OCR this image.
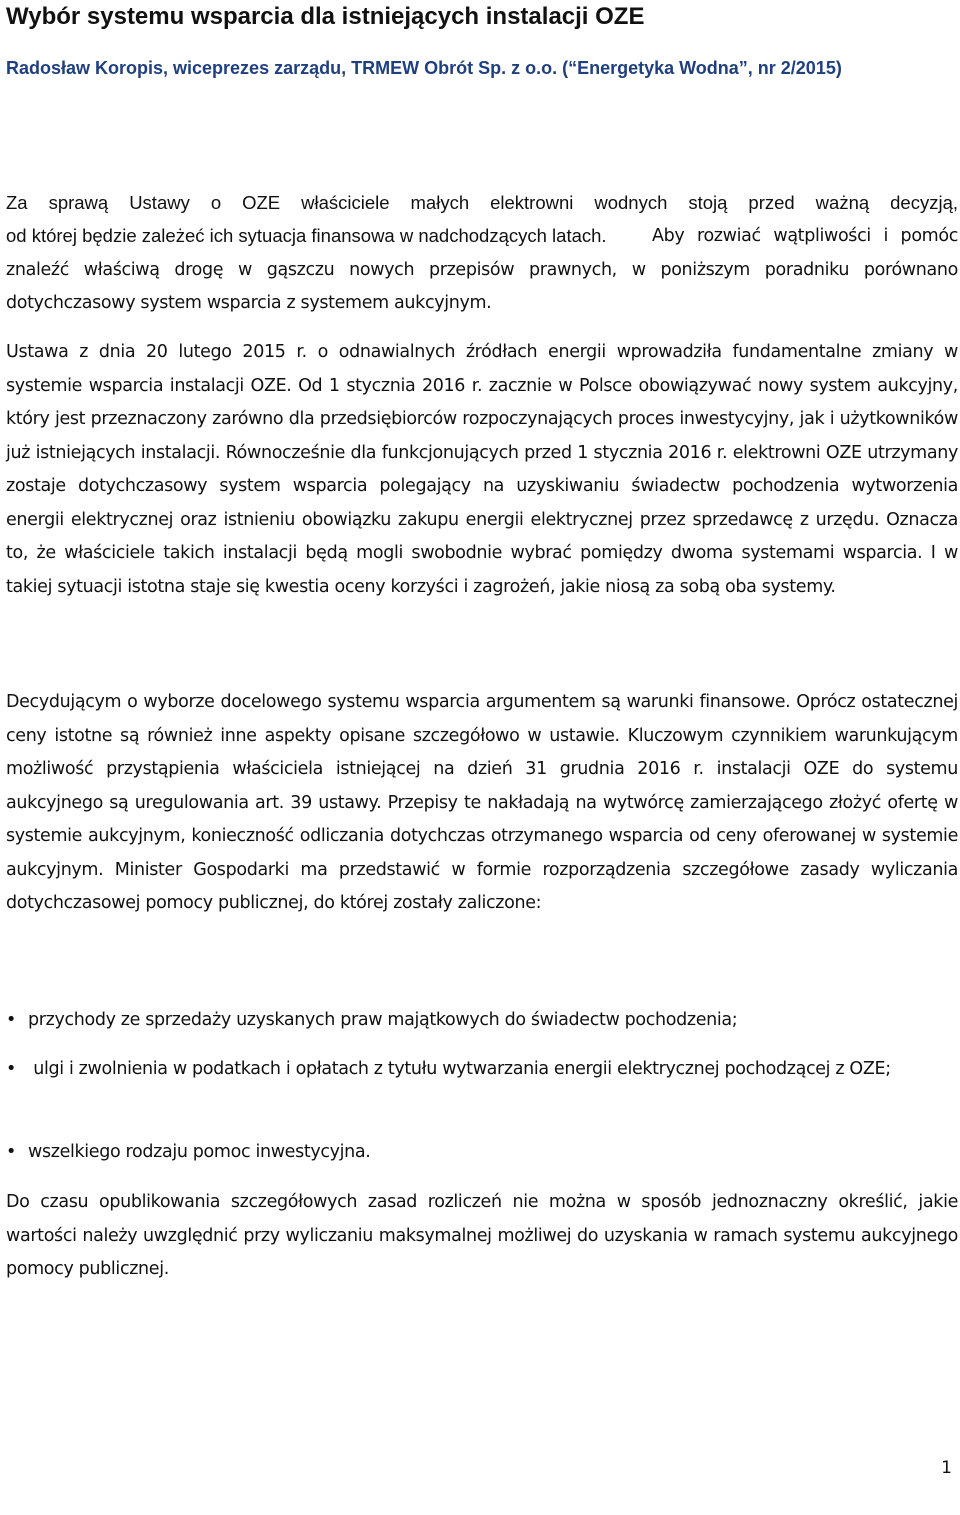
Wybór systemu wsparcia dla istniejących instalacji OZE

Radosław Koropis, wiceprezes zarządu, TRMEW Obrót Sp. z o.o. (“Energetyka Wodna”, nr 2/2015)

Za sprawą Ustawy o OZE właściciele małych elektrowni wodnych stoją przed ważną decyzją,
od której będzie zależeć ich sytuacja finansowa w nadchodzących latach.	Aby rozwiać wątpliwości i pomóc znaleźć właściwą drogę w gąszczu nowych przepisów prawnych, w poniższym poradniku porównano dotychczasowy system wsparcia z systemem aukcyjnym.

Ustawa z dnia 20 lutego 2015 r. o odnawialnych źródłach energii wprowadziła fundamentalne zmiany w systemie wsparcia instalacji OZE. Od 1 stycznia 2016 r. zacznie w Polsce obowiązywać nowy system aukcyjny, który jest przeznaczony zarówno dla przedsiębiorców rozpoczynających proces inwestycyjny, jak i użytkowników już istniejących instalacji. Równocześnie dla funkcjonujących przed 1 stycznia 2016 r. elektrowni OZE utrzymany zostaje dotychczasowy system wsparcia polegający na uzyskiwaniu świadectw pochodzenia wytworzenia energii elektrycznej oraz istnieniu obowiązku zakupu energii elektrycznej przez sprzedawcę z urzędu. Oznacza to, że właściciele takich instalacji będą mogli swobodnie wybrać pomiędzy dwoma systemami wsparcia. I w takiej sytuacji istotna staje się kwestia oceny korzyści i zagrożeń, jakie niosą za sobą oba systemy.

Decydującym o wyborze docelowego systemu wsparcia argumentem są warunki finansowe. Oprócz ostatecznej ceny istotne są również inne aspekty opisane szczegółowo w ustawie. Kluczowym czynnikiem warunkującym możliwość przystąpienia właściciela istniejącej na dzień 31 grudnia 2016 r. instalacji OZE do systemu aukcyjnego są uregulowania art. 39 ustawy. Przepisy te nakładają na wytwórcę zamierzającego złożyć ofertę w systemie aukcyjnym, konieczność odliczania dotychczas otrzymanego wsparcia od ceny oferowanej w systemie aukcyjnym. Minister Gospodarki ma przedstawić w formie rozporządzenia szczegółowe zasady wyliczania dotychczasowej pomocy publicznej, do której zostały zaliczone:

• przychody ze sprzedaży uzyskanych praw majątkowych do świadectw pochodzenia;

• ulgi i zwolnienia w podatkach i opłatach z tytułu wytwarzania energii elektrycznej pochodzącej z OZE;

• wszelkiego rodzaju pomoc inwestycyjna.

Do czasu opublikowania szczegółowych zasad rozliczeń nie można w sposób jednoznaczny określić, jakie wartości należy uwzględnić przy wyliczaniu maksymalnej możliwej do uzyskania w ramach systemu aukcyjnego pomocy publicznej.

1
